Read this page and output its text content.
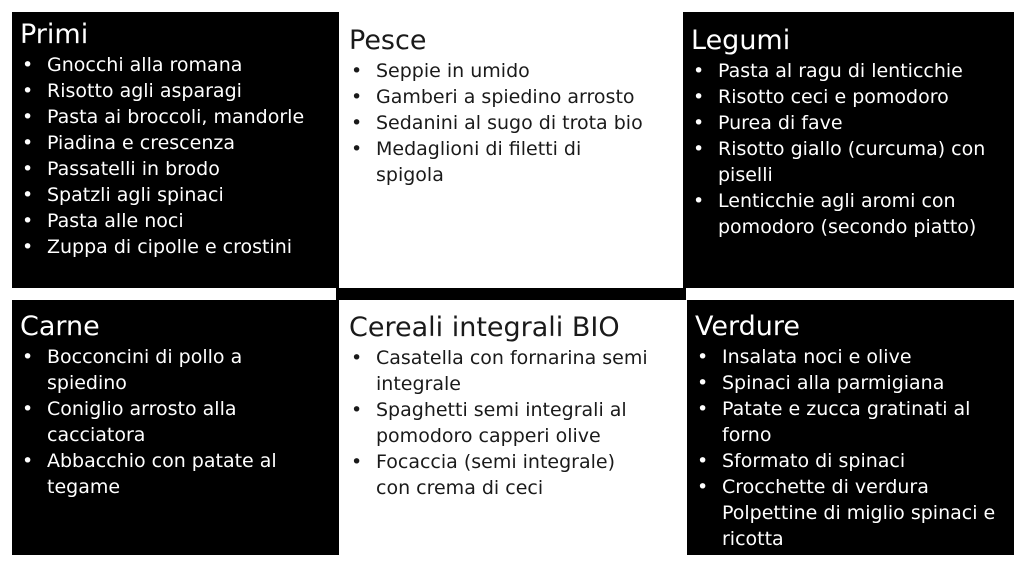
Primi
• Gnocchi alla romana
• Risotto agli asparagi
• Pasta ai broccoli, mandorle
• Piadina e crescenza
• Passatelli in brodo
• Spatzli agli spinaci
• Pasta alle noci
• Zuppa di cipolle e crostini
Pesce
• Seppie in umido
• Gamberi a spiedino arrosto
• Sedanini al sugo di trota bio
• Medaglioni di filetti di spigola
Legumi
• Pasta al ragu di lenticchie
• Risotto ceci e pomodoro
• Purea di fave
• Risotto giallo (curcuma) con piselli
• Lenticchie agli aromi con pomodoro (secondo piatto)
Carne
• Bocconcini di pollo a spiedino
• Coniglio arrosto alla cacciatora
• Abbacchio con patate al tegame
Cereali integrali BIO
• Casatella con fornarina semi integrale
• Spaghetti semi integrali al pomodoro capperi olive
• Focaccia (semi integrale) con crema di ceci
Verdure
• Insalata noci e olive
• Spinaci alla parmigiana
• Patate e zucca gratinati al forno
• Sformato di spinaci
• Crocchette di verdura
Polpettine di miglio spinaci e ricotta
